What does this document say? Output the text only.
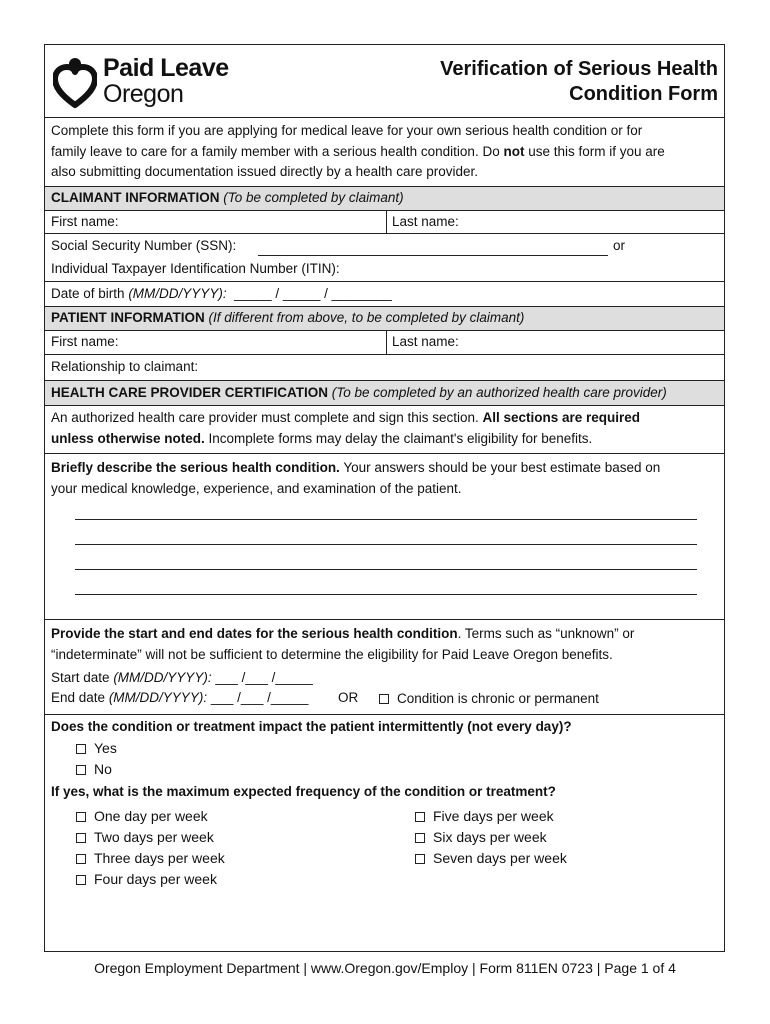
Paid Leave
Oregon
Verification of Serious Health
Condition Form
Complete this form if you are applying for medical leave for your own serious health condition or for
family leave to care for a family member with a serious health condition. Do not use this form if you are
also submitting documentation issued directly by a health care provider.
CLAIMANT INFORMATION (To be completed by claimant)
First name:	Last name:
Social Security Number (SSN):	or
Individual Taxpayer Identification Number (ITIN):
Date of birth (MM/DD/YYYY): _____ / _____ / ________
PATIENT INFORMATION (If different from above, to be completed by claimant)
First name:	Last name:
Relationship to claimant:
HEALTH CARE PROVIDER CERTIFICATION (To be completed by an authorized health care provider)
An authorized health care provider must complete and sign this section. All sections are required
unless otherwise noted. Incomplete forms may delay the claimant's eligibility for benefits.
Briefly describe the serious health condition. Your answers should be your best estimate based on
your medical knowledge, experience, and examination of the patient.
Provide the start and end dates for the serious health condition. Terms such as “unknown” or
“indeterminate” will not be sufficient to determine the eligibility for Paid Leave Oregon benefits.
Start date (MM/DD/YYYY): ___ /___ /_____
End date (MM/DD/YYYY): ___ /___ /_____ OR	Condition is chronic or permanent
Does the condition or treatment impact the patient intermittently (not every day)?
Yes
No
If yes, what is the maximum expected frequency of the condition or treatment?
One day per week
Two days per week
Three days per week
Four days per week
Five days per week
Six days per week
Seven days per week
Oregon Employment Department | www.Oregon.gov/Employ | Form 811EN 0723 | Page 1 of 4
